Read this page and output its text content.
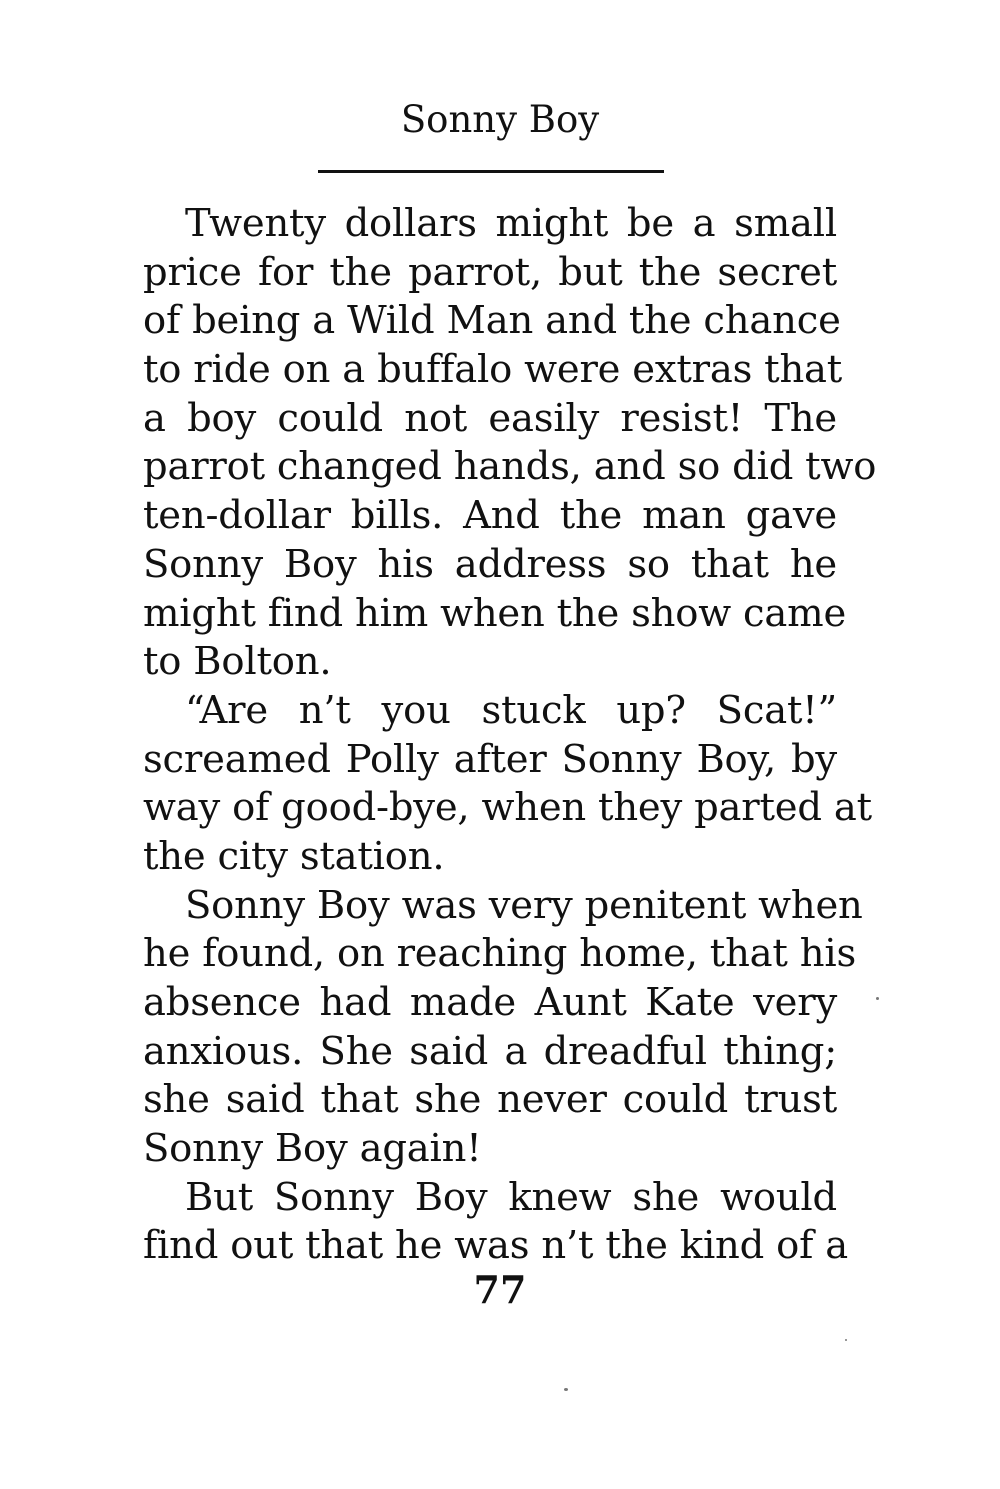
Sonny Boy
Twenty dollars might be a small
price for the parrot, but the secret
of being a Wild Man and the chance
to ride on a buffalo were extras that
a boy could not easily resist! The
parrot changed hands, and so did two
ten-dollar bills. And the man gave
Sonny Boy his address so that he
might find him when the show came
to Bolton.
“Are n’t you stuck up? Scat!”
screamed Polly after Sonny Boy, by
way of good-bye, when they parted at
the city station.
Sonny Boy was very penitent when
he found, on reaching home, that his
absence had made Aunt Kate very
anxious. She said a dreadful thing;
she said that she never could trust
Sonny Boy again!
But Sonny Boy knew she would
find out that he was n’t the kind of a
77
